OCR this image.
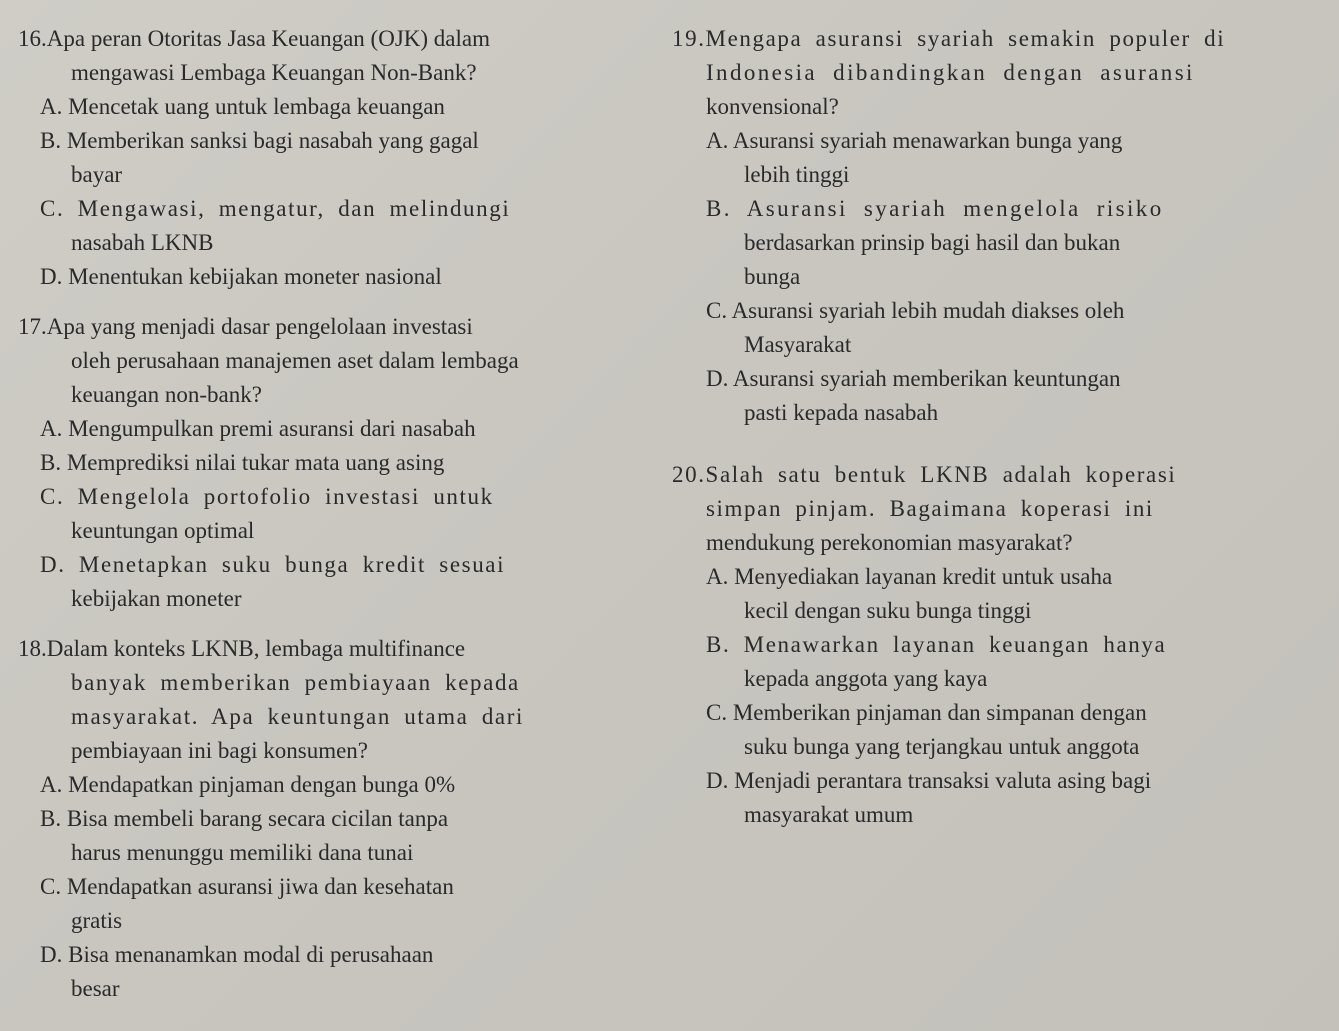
16.Apa peran Otoritas Jasa Keuangan (OJK) dalam
mengawasi Lembaga Keuangan Non-Bank?
A. Mencetak uang untuk lembaga keuangan
B. Memberikan sanksi bagi nasabah yang gagal
bayar
C. Mengawasi, mengatur, dan melindungi
nasabah LKNB
D. Menentukan kebijakan moneter nasional
17.Apa yang menjadi dasar pengelolaan investasi
oleh perusahaan manajemen aset dalam lembaga
keuangan non-bank?
A. Mengumpulkan premi asuransi dari nasabah
B. Memprediksi nilai tukar mata uang asing
C. Mengelola portofolio investasi untuk
keuntungan optimal
D. Menetapkan suku bunga kredit sesuai
kebijakan moneter
18.Dalam konteks LKNB, lembaga multifinance
banyak memberikan pembiayaan kepada
masyarakat. Apa keuntungan utama dari
pembiayaan ini bagi konsumen?
A. Mendapatkan pinjaman dengan bunga 0%
B. Bisa membeli barang secara cicilan tanpa
harus menunggu memiliki dana tunai
C. Mendapatkan asuransi jiwa dan kesehatan
gratis
D. Bisa menanamkan modal di perusahaan
besar
19.Mengapa asuransi syariah semakin populer di
Indonesia dibandingkan dengan asuransi
konvensional?
A. Asuransi syariah menawarkan bunga yang
lebih tinggi
B. Asuransi syariah mengelola risiko
berdasarkan prinsip bagi hasil dan bukan
bunga
C. Asuransi syariah lebih mudah diakses oleh
Masyarakat
D. Asuransi syariah memberikan keuntungan
pasti kepada nasabah
20.Salah satu bentuk LKNB adalah koperasi
simpan pinjam. Bagaimana koperasi ini
mendukung perekonomian masyarakat?
A. Menyediakan layanan kredit untuk usaha
kecil dengan suku bunga tinggi
B. Menawarkan layanan keuangan hanya
kepada anggota yang kaya
C. Memberikan pinjaman dan simpanan dengan
suku bunga yang terjangkau untuk anggota
D. Menjadi perantara transaksi valuta asing bagi
masyarakat umum
